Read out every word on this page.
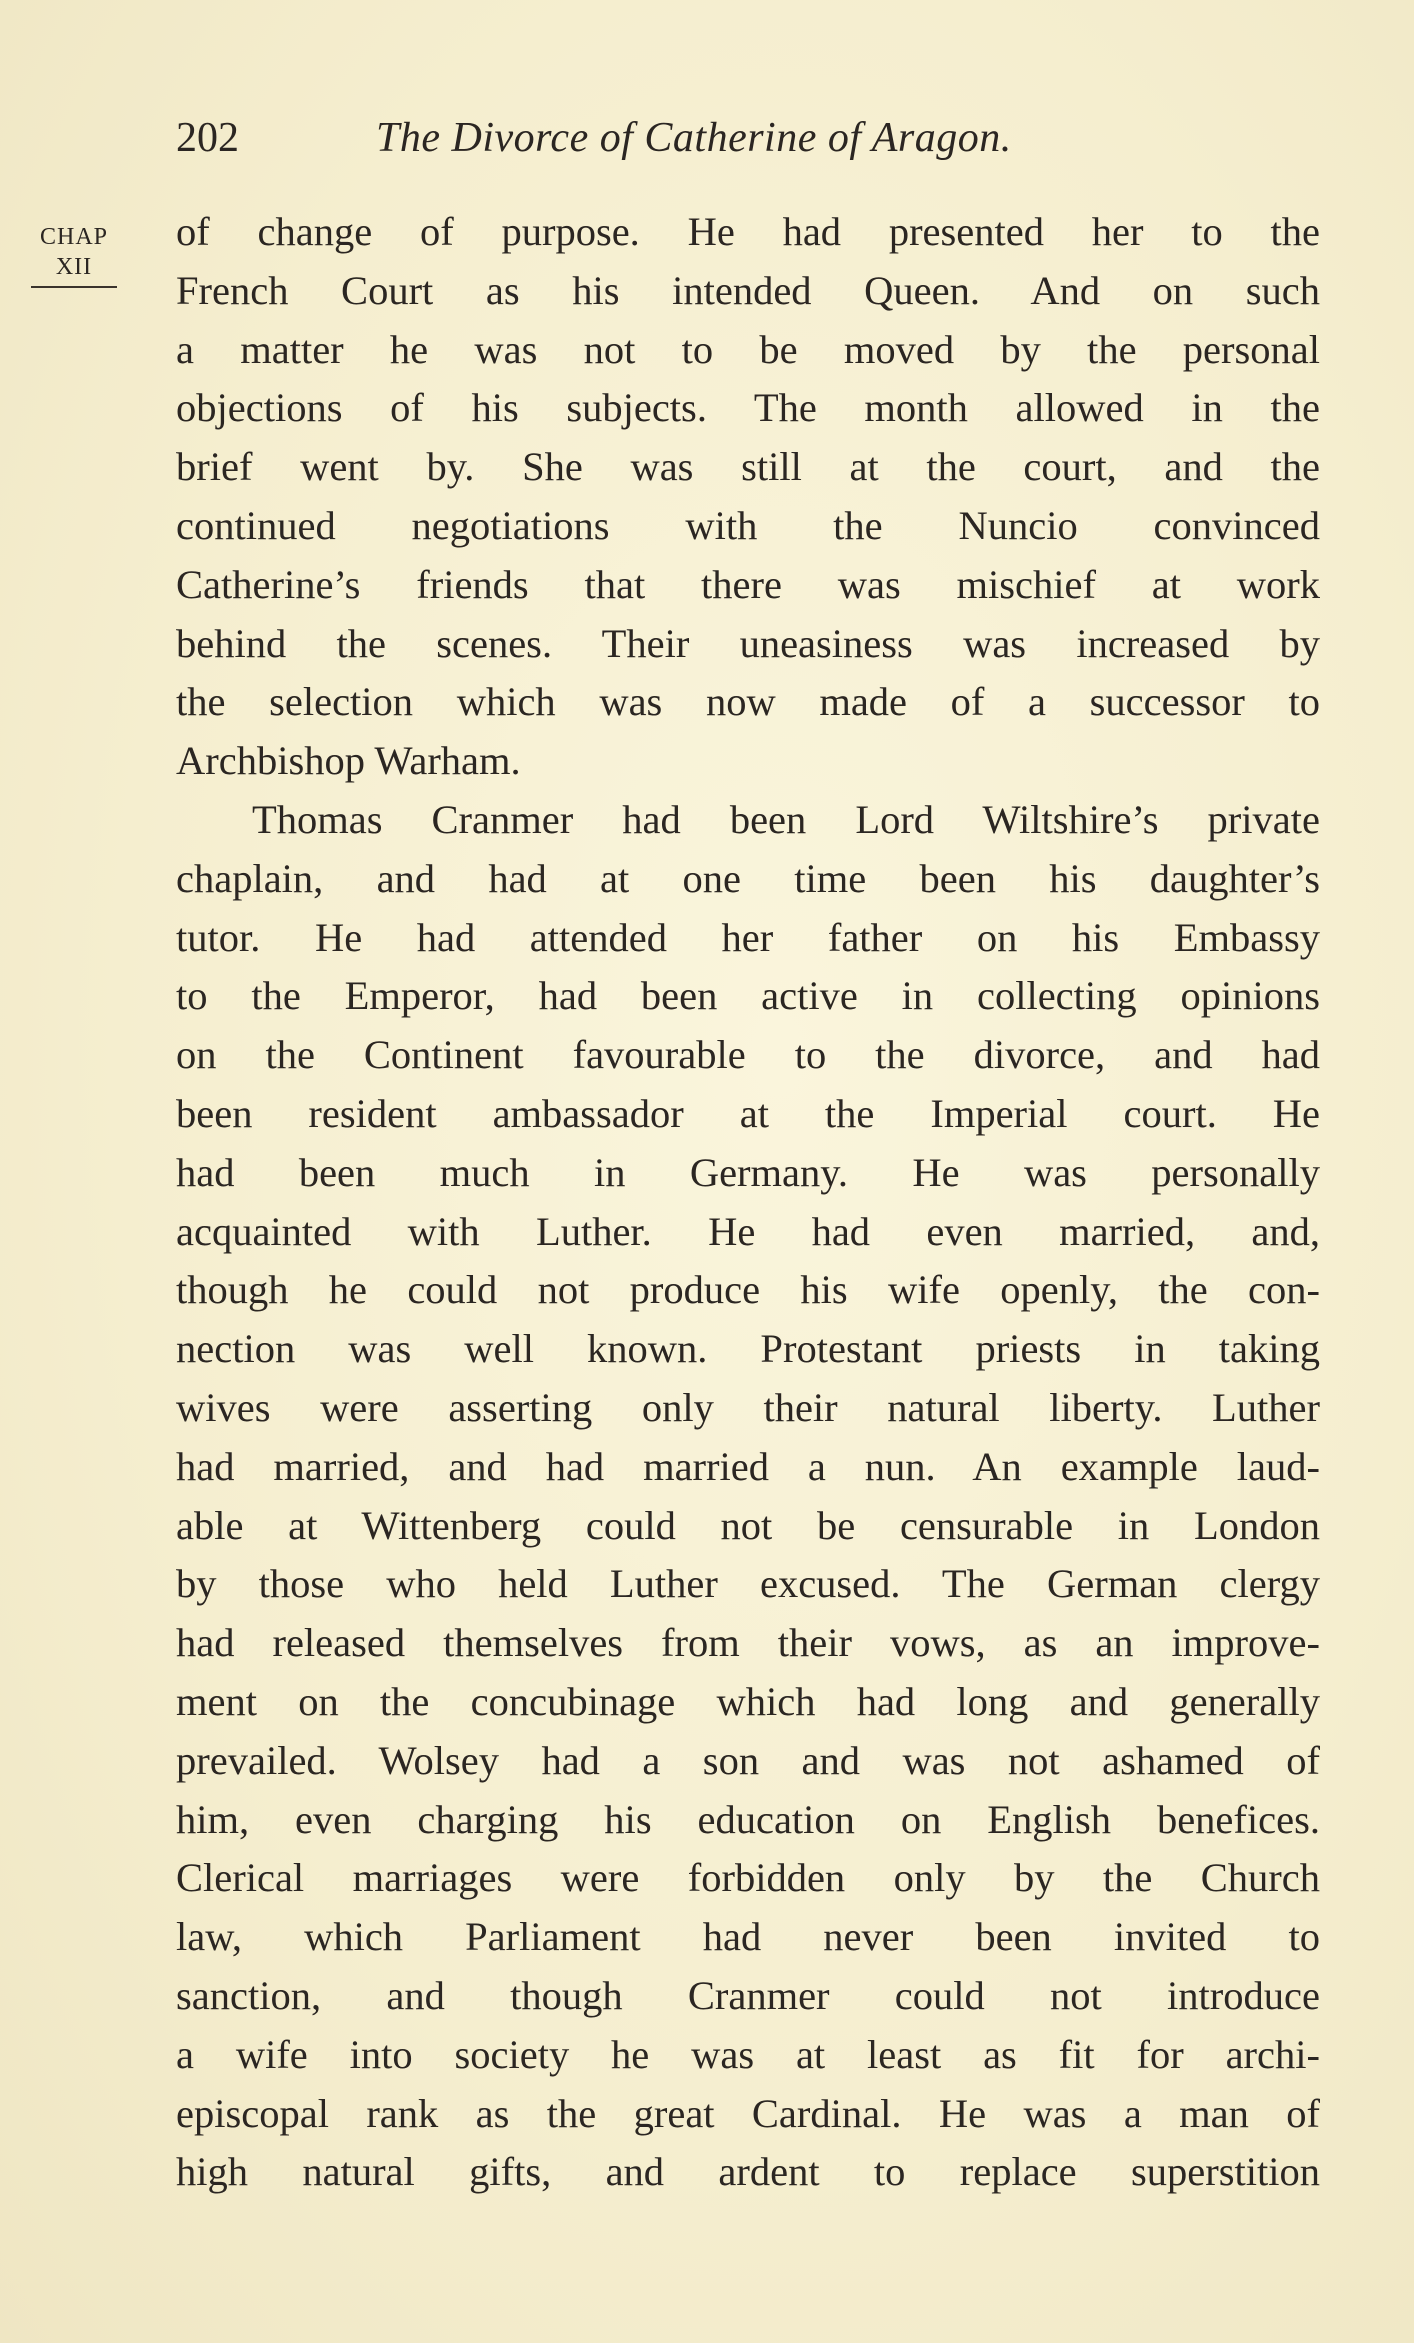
202	The Divorce of Catherine of Aragon.
CHAP
XII
of change of purpose. He had presented her to the
French Court as his intended Queen. And on such
a matter he was not to be moved by the personal
objections of his subjects. The month allowed in the
brief went by. She was still at the court, and the
continued negotiations with the Nuncio convinced
Catherine’s friends that there was mischief at work
behind the scenes. Their uneasiness was increased by
the selection which was now made of a successor to
Archbishop Warham.
Thomas Cranmer had been Lord Wiltshire’s private
chaplain, and had at one time been his daughter’s
tutor. He had attended her father on his Embassy
to the Emperor, had been active in collecting opinions
on the Continent favourable to the divorce, and had
been resident ambassador at the Imperial court. He
had been much in Germany. He was personally
acquainted with Luther. He had even married, and,
though he could not produce his wife openly, the con-
nection was well known. Protestant priests in taking
wives were asserting only their natural liberty. Luther
had married, and had married a nun. An example laud-
able at Wittenberg could not be censurable in London
by those who held Luther excused. The German clergy
had released themselves from their vows, as an improve-
ment on the concubinage which had long and generally
prevailed. Wolsey had a son and was not ashamed of
him, even charging his education on English benefices.
Clerical marriages were forbidden only by the Church
law, which Parliament had never been invited to
sanction, and though Cranmer could not introduce
a wife into society he was at least as fit for archi-
episcopal rank as the great Cardinal. He was a man of
high natural gifts, and ardent to replace superstition
